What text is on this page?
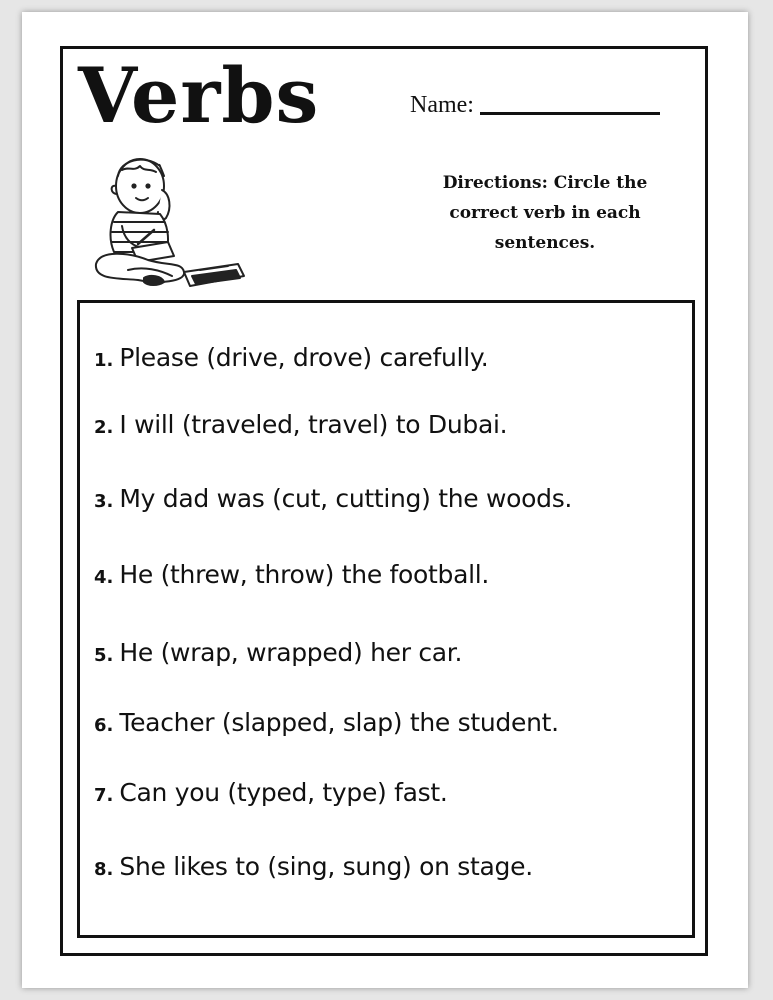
Verbs	Name:
Directions: Circle the correct verb in each sentences.
1. Please (drive, drove) carefully.
2. I will (traveled, travel) to Dubai.
3. My dad was (cut, cutting) the woods.
4. He (threw, throw) the football.
5. He (wrap, wrapped) her car.
6. Teacher (slapped, slap) the student.
7. Can you (typed, type) fast.
8. She likes to (sing, sung) on stage.
